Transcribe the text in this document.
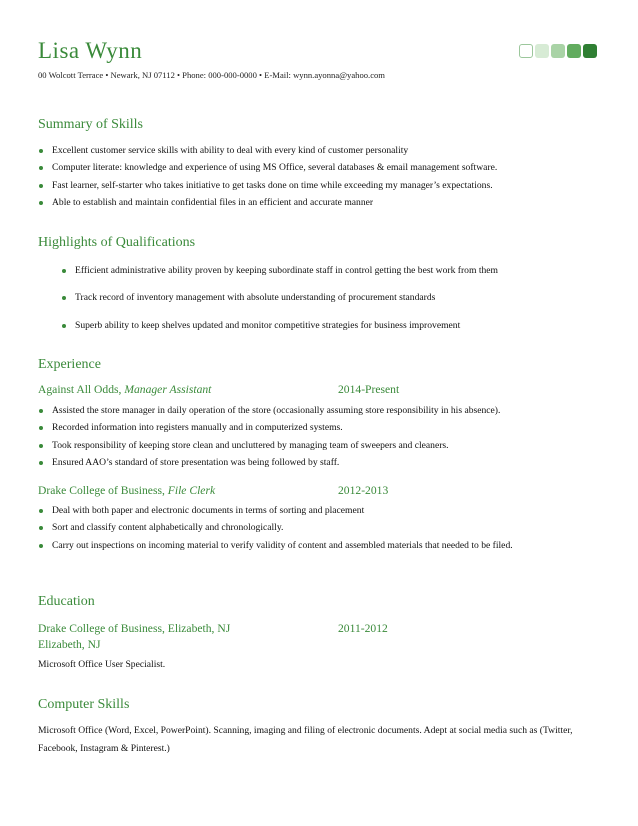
Lisa Wynn
00 Wolcott Terrace • Newark, NJ 07112 • Phone: 000-000-0000 • E-Mail: wynn.ayonna@yahoo.com
Summary of Skills
Excellent customer service skills with ability to deal with every kind of customer personality
Computer literate: knowledge and experience of using MS Office, several databases & email management software.
Fast learner, self-starter who takes initiative to get tasks done on time while exceeding my manager’s expectations.
Able to establish and maintain confidential files in an efficient and accurate manner
Highlights of Qualifications
Efficient administrative ability proven by keeping subordinate staff in control getting the best work from them
Track record of inventory management with absolute understanding of procurement standards
Superb ability to keep shelves updated and monitor competitive strategies for business improvement
Experience
Against All Odds, Manager Assistant	2014-Present
Assisted the store manager in daily operation of the store (occasionally assuming store responsibility in his absence).
Recorded information into registers manually and in computerized systems.
Took responsibility of keeping store clean and uncluttered by managing team of sweepers and cleaners.
Ensured AAO’s standard of store presentation was being followed by staff.
Drake College of Business, File Clerk	2012-2013
Deal with both paper and electronic documents in terms of sorting and placement
Sort and classify content alphabetically and chronologically.
Carry out inspections on incoming material to verify validity of content and assembled materials that needed to be filed.
Education
Drake College of Business, Elizabeth, NJ	2011-2012
Elizabeth, NJ
Microsoft Office User Specialist.
Computer Skills
Microsoft Office (Word, Excel, PowerPoint). Scanning, imaging and filing of electronic documents. Adept at social media such as (Twitter, Facebook, Instagram & Pinterest.)
